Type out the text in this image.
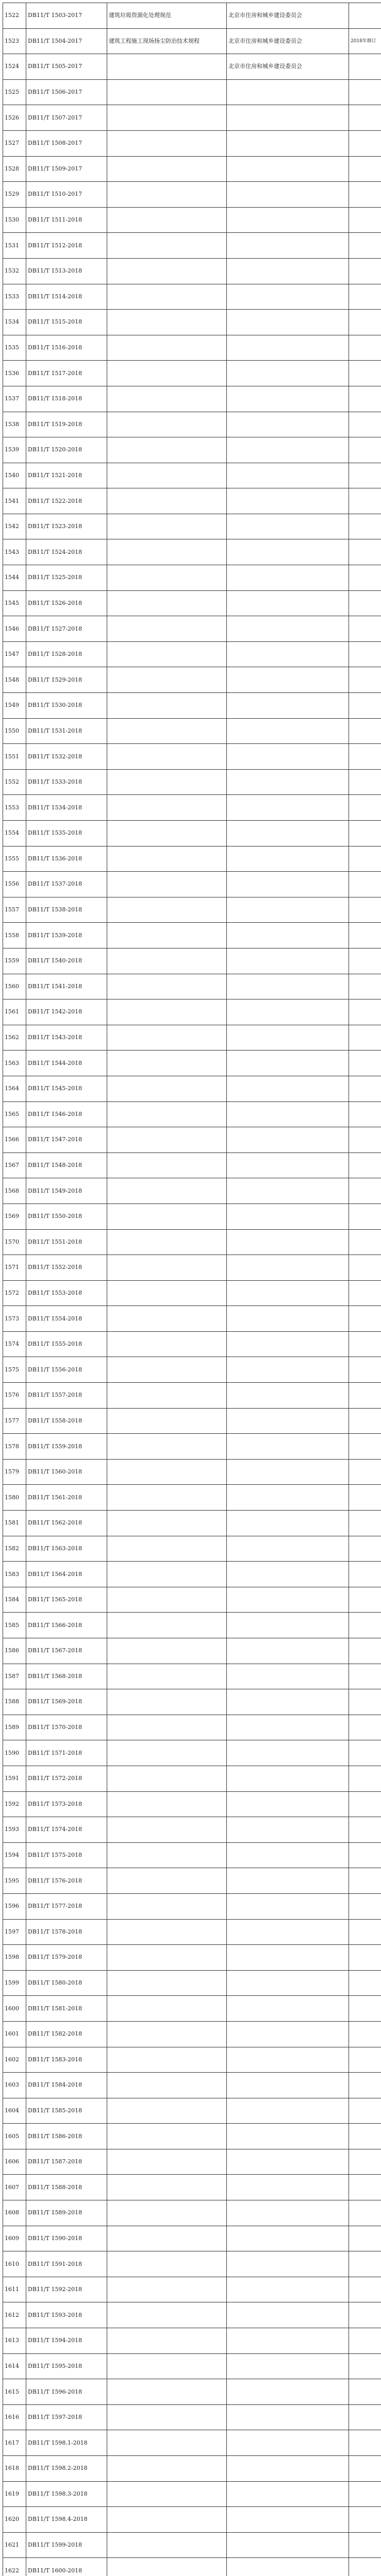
1522	DB11/T 1503-2017	建筑垃圾资源化处理规范	北京市住房和城乡建设委员会	
1523	DB11/T 1504-2017	建筑工程施工现场扬尘防治技术规程	北京市住房和城乡建设委员会	2018年修订
1524	DB11/T 1505-2017		北京市住房和城乡建设委员会	
1525	DB11/T 1506-2017			
1526	DB11/T 1507-2017			
1527	DB11/T 1508-2017			
1528	DB11/T 1509-2017			
1529	DB11/T 1510-2017			
1530	DB11/T 1511-2018			
1531	DB11/T 1512-2018			
1532	DB11/T 1513-2018			
1533	DB11/T 1514-2018			
1534	DB11/T 1515-2018			
1535	DB11/T 1516-2018			
1536	DB11/T 1517-2018			
1537	DB11/T 1518-2018			
1538	DB11/T 1519-2018			
1539	DB11/T 1520-2018			
1540	DB11/T 1521-2018			
1541	DB11/T 1522-2018			
1542	DB11/T 1523-2018			
1543	DB11/T 1524-2018			
1544	DB11/T 1525-2018			
1545	DB11/T 1526-2018			
1546	DB11/T 1527-2018			
1547	DB11/T 1528-2018			
1548	DB11/T 1529-2018			
1549	DB11/T 1530-2018			
1550	DB11/T 1531-2018			
1551	DB11/T 1532-2018			
1552	DB11/T 1533-2018			
1553	DB11/T 1534-2018			
1554	DB11/T 1535-2018			
1555	DB11/T 1536-2018			
1556	DB11/T 1537-2018			
1557	DB11/T 1538-2018			
1558	DB11/T 1539-2018			
1559	DB11/T 1540-2018			
1560	DB11/T 1541-2018			
1561	DB11/T 1542-2018			
1562	DB11/T 1543-2018			
1563	DB11/T 1544-2018			
1564	DB11/T 1545-2018			
1565	DB11/T 1546-2018			
1566	DB11/T 1547-2018			
1567	DB11/T 1548-2018			
1568	DB11/T 1549-2018			
1569	DB11/T 1550-2018			
1570	DB11/T 1551-2018			
1571	DB11/T 1552-2018			
1572	DB11/T 1553-2018			
1573	DB11/T 1554-2018			
1574	DB11/T 1555-2018			
1575	DB11/T 1556-2018			
1576	DB11/T 1557-2018			
1577	DB11/T 1558-2018			
1578	DB11/T 1559-2018			
1579	DB11/T 1560-2018			
1580	DB11/T 1561-2018			
1581	DB11/T 1562-2018			
1582	DB11/T 1563-2018			
1583	DB11/T 1564-2018			
1584	DB11/T 1565-2018			
1585	DB11/T 1566-2018			
1586	DB11/T 1567-2018			
1587	DB11/T 1568-2018			
1588	DB11/T 1569-2018			
1589	DB11/T 1570-2018			
1590	DB11/T 1571-2018			
1591	DB11/T 1572-2018			
1592	DB11/T 1573-2018			
1593	DB11/T 1574-2018			
1594	DB11/T 1575-2018			
1595	DB11/T 1576-2018			
1596	DB11/T 1577-2018			
1597	DB11/T 1578-2018			
1598	DB11/T 1579-2018			
1599	DB11/T 1580-2018			
1600	DB11/T 1581-2018			
1601	DB11/T 1582-2018			
1602	DB11/T 1583-2018			
1603	DB11/T 1584-2018			
1604	DB11/T 1585-2018			
1605	DB11/T 1586-2018			
1606	DB11/T 1587-2018			
1607	DB11/T 1588-2018			
1608	DB11/T 1589-2018			
1609	DB11/T 1590-2018			
1610	DB11/T 1591-2018			
1611	DB11/T 1592-2018			
1612	DB11/T 1593-2018			
1613	DB11/T 1594-2018			
1614	DB11/T 1595-2018			
1615	DB11/T 1596-2018			
1616	DB11/T 1597-2018			
1617	DB11/T 1598.1-2018			
1618	DB11/T 1598.2-2018			
1619	DB11/T 1598.3-2018			
1620	DB11/T 1598.4-2018			
1621	DB11/T 1599-2018			
1622	DB11/T 1600-2018			
